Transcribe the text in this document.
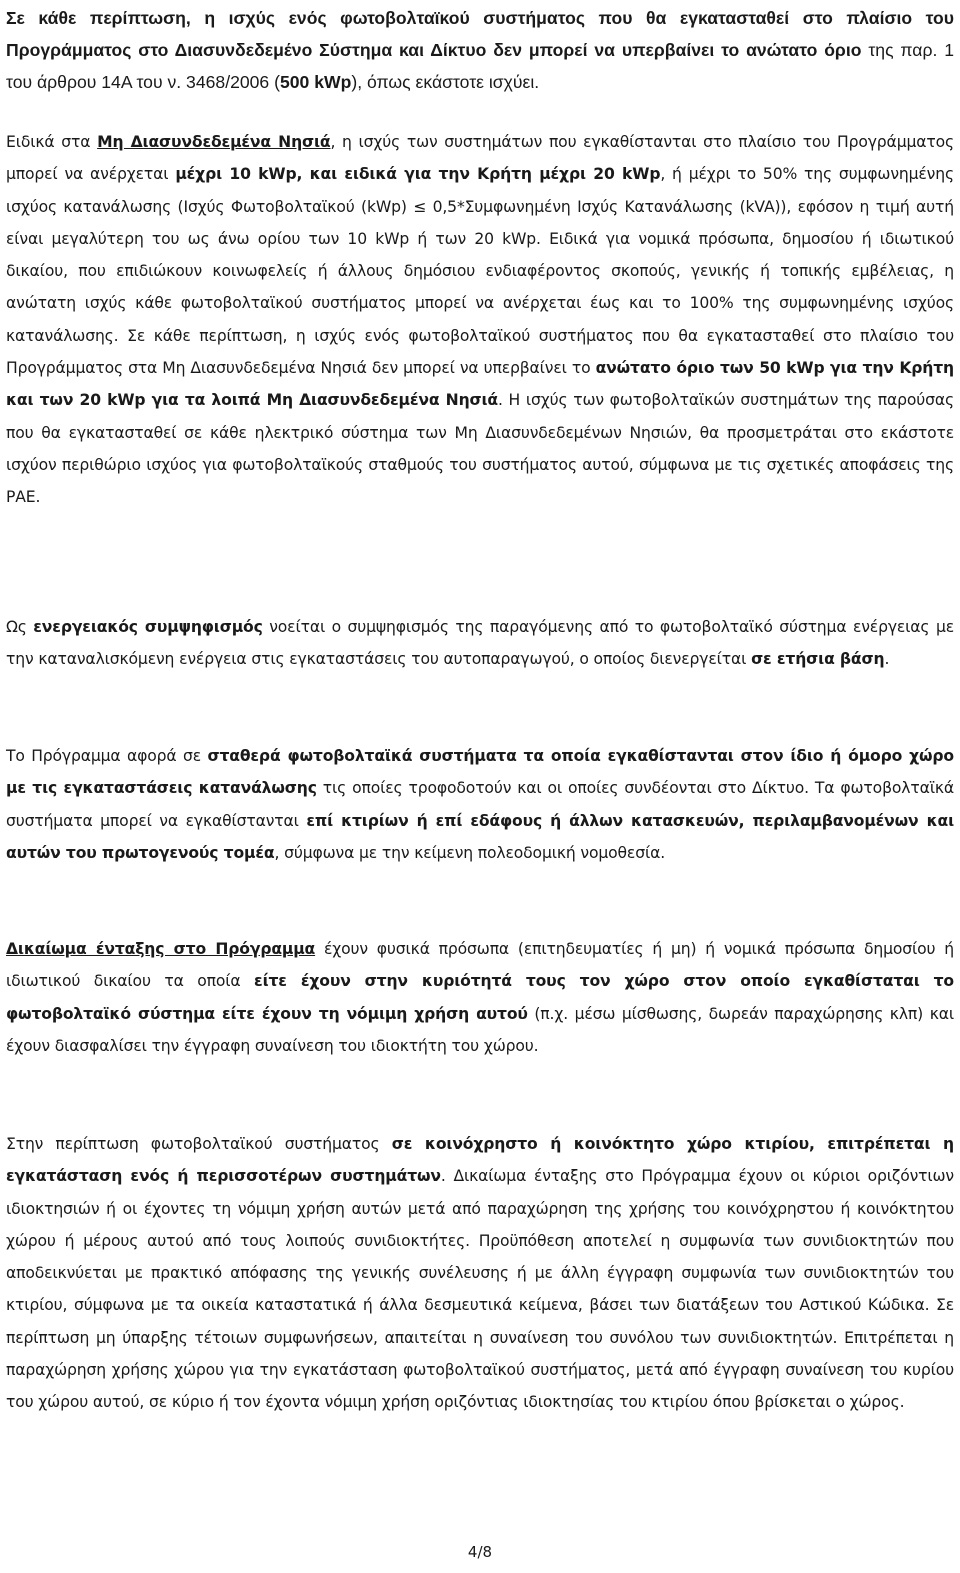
Σε κάθε περίπτωση, η ισχύς ενός φωτοβολταϊκού συστήματος που θα εγκατασταθεί στο πλαίσιο του Προγράμματος στο Διασυνδεδεμένο Σύστημα και Δίκτυο δεν μπορεί να υπερβαίνει το ανώτατο όριο της παρ. 1 του άρθρου 14Α του ν. 3468/2006 (500 kWp), όπως εκάστοτε ισχύει.

Ειδικά στα Μη Διασυνδεδεμένα Νησιά, η ισχύς των συστημάτων που εγκαθίστανται στο πλαίσιο του Προγράμματος μπορεί να ανέρχεται μέχρι 10 kWp, και ειδικά για την Κρήτη μέχρι 20 kWp, ή μέχρι το 50% της συμφωνημένης ισχύος κατανάλωσης (Ισχύς Φωτοβολταϊκού (kWp) ≤ 0,5*Συμφωνημένη Ισχύς Κατανάλωσης (kVA)), εφόσον η τιμή αυτή είναι μεγαλύτερη του ως άνω ορίου των 10 kWp ή των 20 kWp. Ειδικά για νομικά πρόσωπα, δημοσίου ή ιδιωτικού δικαίου, που επιδιώκουν κοινωφελείς ή άλλους δημόσιου ενδιαφέροντος σκοπούς, γενικής ή τοπικής εμβέλειας, η ανώτατη ισχύς κάθε φωτοβολταϊκού συστήματος μπορεί να ανέρχεται έως και το 100% της συμφωνημένης ισχύος κατανάλωσης. Σε κάθε περίπτωση, η ισχύς ενός φωτοβολταϊκού συστήματος που θα εγκατασταθεί στο πλαίσιο του Προγράμματος στα Μη Διασυνδεδεμένα Νησιά δεν μπορεί να υπερβαίνει το ανώτατο όριο των 50 kWp για την Κρήτη και των 20 kWp για τα λοιπά Μη Διασυνδεδεμένα Νησιά. Η ισχύς των φωτοβολταϊκών συστημάτων της παρούσας που θα εγκατασταθεί σε κάθε ηλεκτρικό σύστημα των Μη Διασυνδεδεμένων Νησιών, θα προσμετράται στο εκάστοτε ισχύον περιθώριο ισχύος για φωτοβολταϊκούς σταθμούς του συστήματος αυτού, σύμφωνα με τις σχετικές αποφάσεις της ΡΑΕ.

Ως ενεργειακός συμψηφισμός νοείται ο συμψηφισμός της παραγόμενης από το φωτοβολταϊκό σύστημα ενέργειας με την καταναλισκόμενη ενέργεια στις εγκαταστάσεις του αυτοπαραγωγού, ο οποίος διενεργείται σε ετήσια βάση.

Το Πρόγραμμα αφορά σε σταθερά φωτοβολταϊκά συστήματα τα οποία εγκαθίστανται στον ίδιο ή όμορο χώρο με τις εγκαταστάσεις κατανάλωσης τις οποίες τροφοδοτούν και οι οποίες συνδέονται στο Δίκτυο. Τα φωτοβολταϊκά συστήματα μπορεί να εγκαθίστανται επί κτιρίων ή επί εδάφους ή άλλων κατασκευών, περιλαμβανομένων και αυτών του πρωτογενούς τομέα, σύμφωνα με την κείμενη πολεοδομική νομοθεσία.

Δικαίωμα ένταξης στο Πρόγραμμα έχουν φυσικά πρόσωπα (επιτηδευματίες ή μη) ή νομικά πρόσωπα δημοσίου ή ιδιωτικού δικαίου τα οποία είτε έχουν στην κυριότητά τους τον χώρο στον οποίο εγκαθίσταται το φωτοβολταϊκό σύστημα είτε έχουν τη νόμιμη χρήση αυτού (π.χ. μέσω μίσθωσης, δωρεάν παραχώρησης κλπ) και έχουν διασφαλίσει την έγγραφη συναίνεση του ιδιοκτήτη του χώρου.

Στην περίπτωση φωτοβολταϊκού συστήματος σε κοινόχρηστο ή κοινόκτητο χώρο κτιρίου, επιτρέπεται η εγκατάσταση ενός ή περισσοτέρων συστημάτων. Δικαίωμα ένταξης στο Πρόγραμμα έχουν οι κύριοι οριζόντιων ιδιοκτησιών ή οι έχοντες τη νόμιμη χρήση αυτών μετά από παραχώρηση της χρήσης του κοινόχρηστου ή κοινόκτητου χώρου ή μέρους αυτού από τους λοιπούς συνιδιοκτήτες. Προϋπόθεση αποτελεί η συμφωνία των συνιδιοκτητών που αποδεικνύεται με πρακτικό απόφασης της γενικής συνέλευσης ή με άλλη έγγραφη συμφωνία των συνιδιοκτητών του κτιρίου, σύμφωνα με τα οικεία καταστατικά ή άλλα δεσμευτικά κείμενα, βάσει των διατάξεων του Αστικού Κώδικα. Σε περίπτωση μη ύπαρξης τέτοιων συμφωνήσεων, απαιτείται η συναίνεση του συνόλου των συνιδιοκτητών. Επιτρέπεται η παραχώρηση χρήσης χώρου για την εγκατάσταση φωτοβολταϊκού συστήματος, μετά από έγγραφη συναίνεση του κυρίου του χώρου αυτού, σε κύριο ή τον έχοντα νόμιμη χρήση οριζόντιας ιδιοκτησίας του κτιρίου όπου βρίσκεται ο χώρος.

4/8
